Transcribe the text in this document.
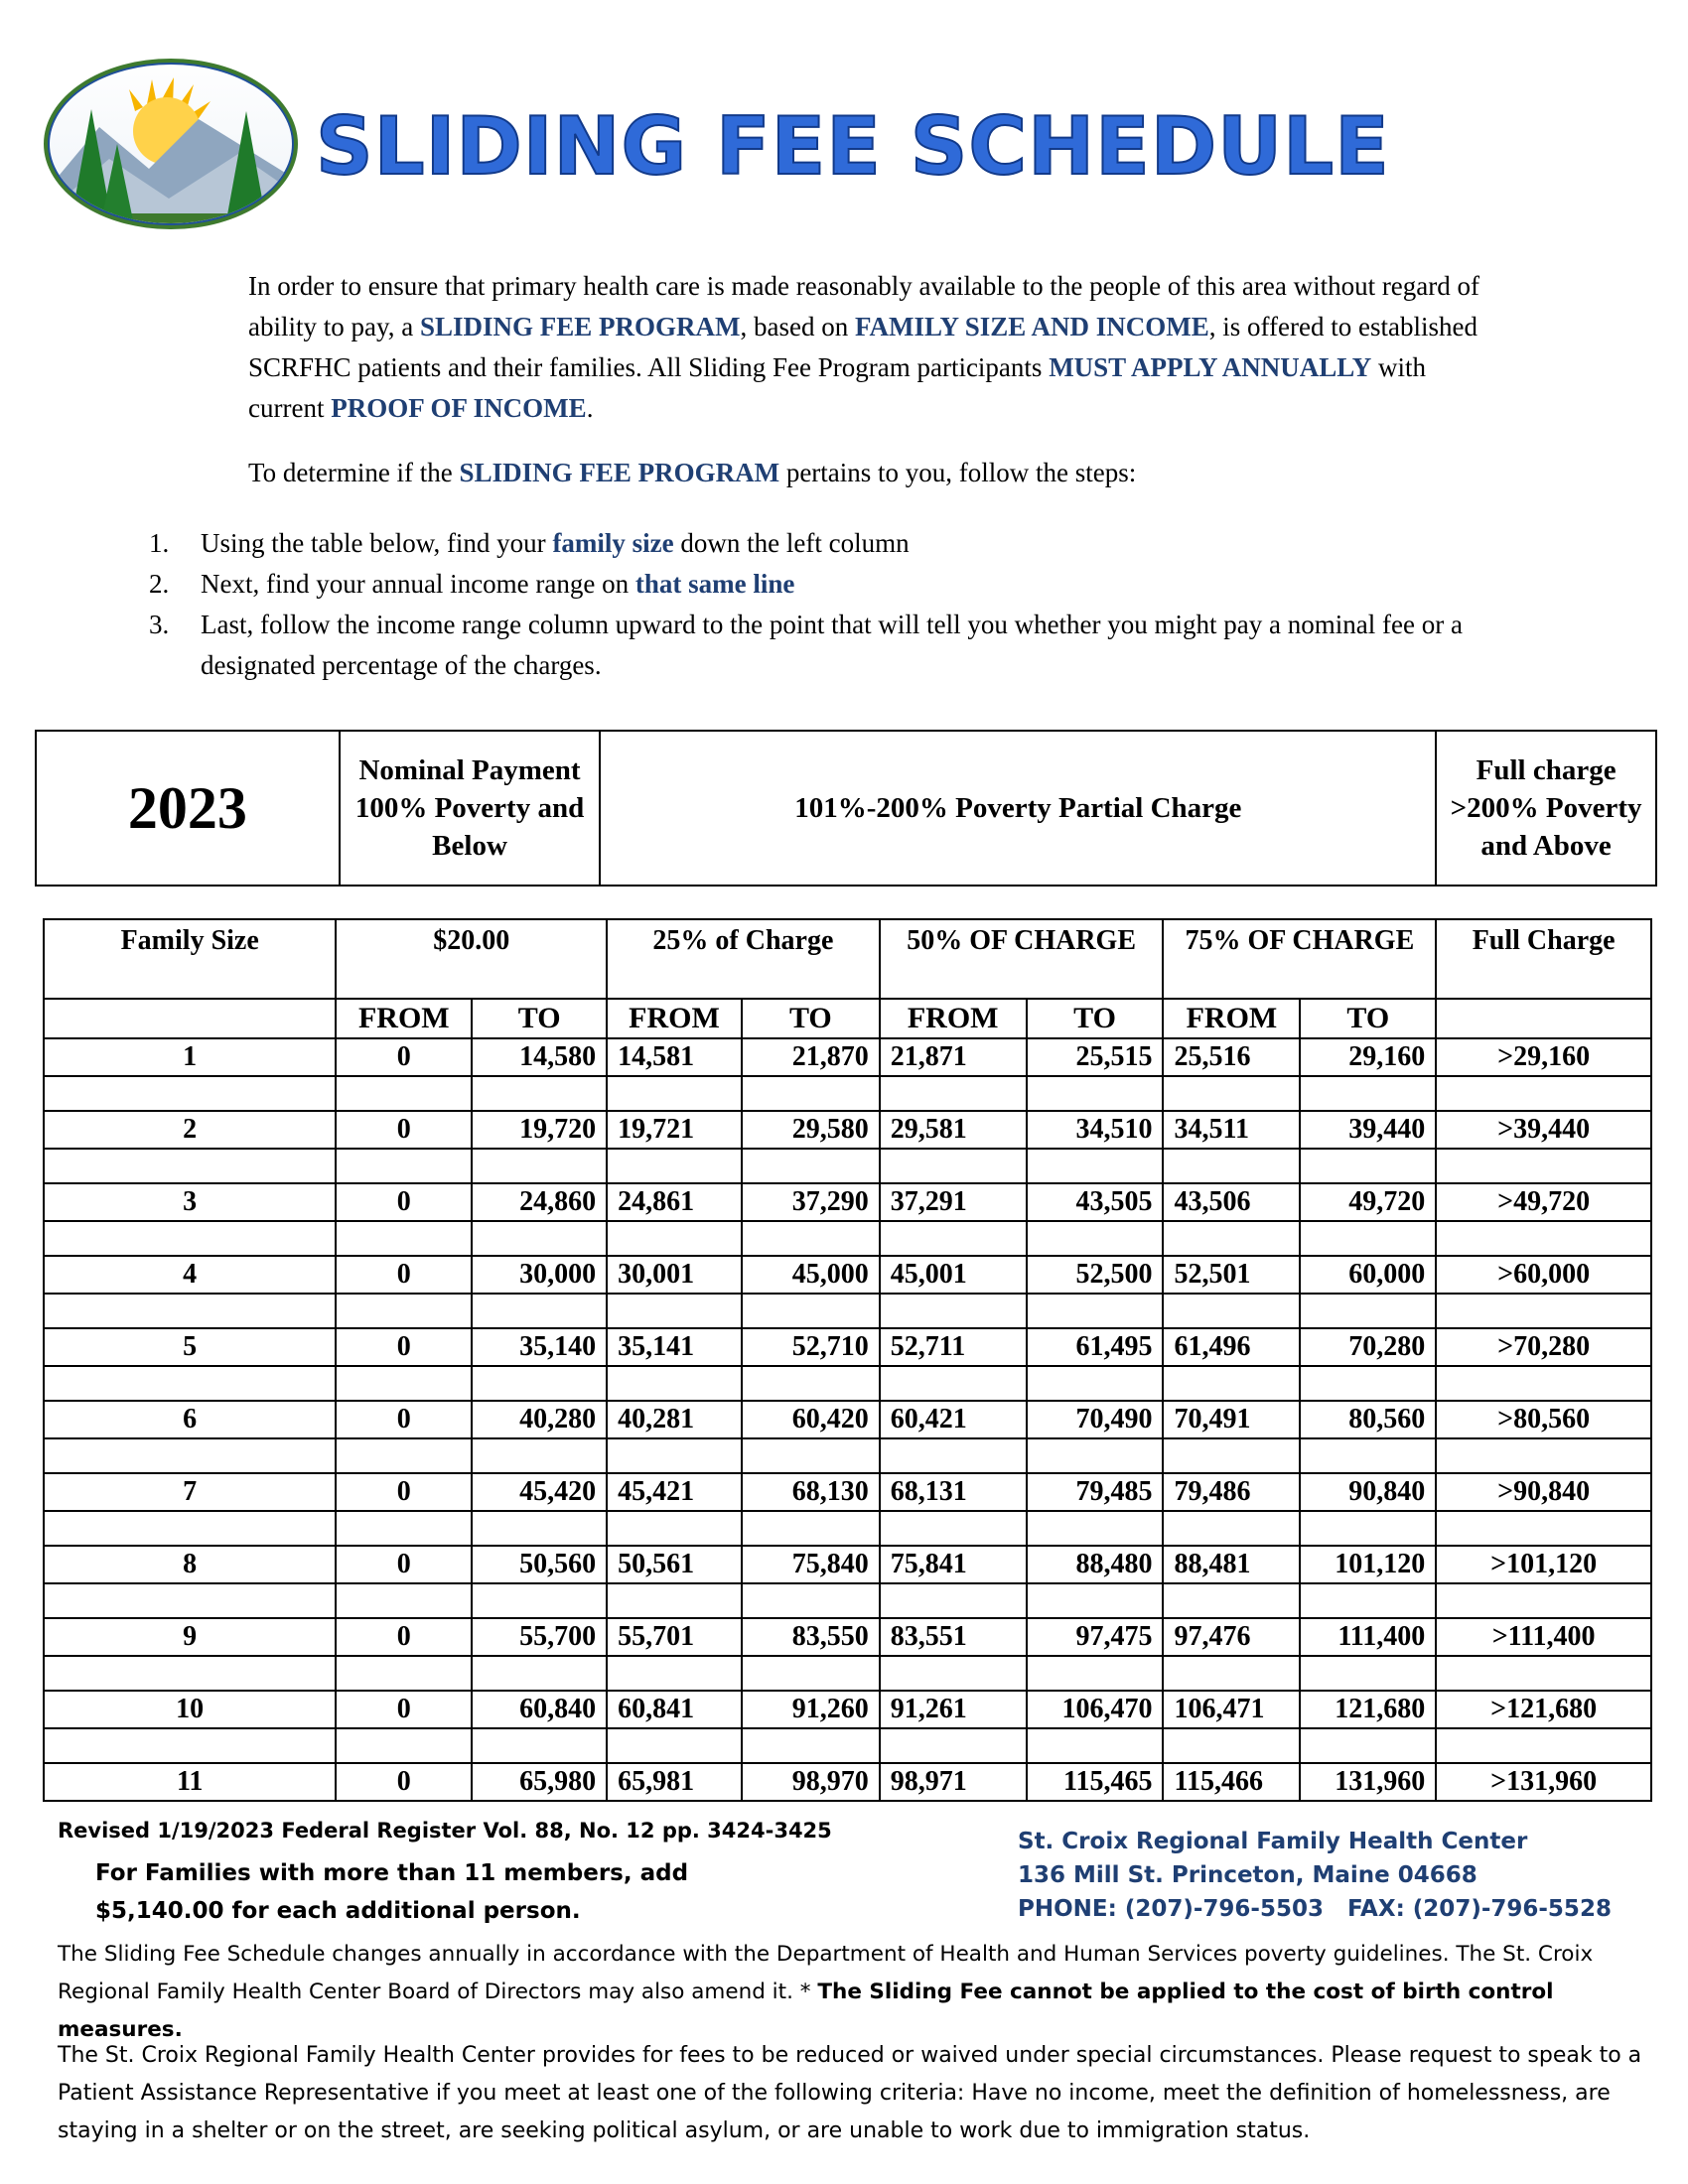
SLIDING FEE SCHEDULE

In order to ensure that primary health care is made reasonably available to the people of this area without regard of ability to pay, a SLIDING FEE PROGRAM, based on FAMILY SIZE AND INCOME, is offered to established SCRFHC patients and their families. All Sliding Fee Program participants MUST APPLY ANNUALLY with current PROOF OF INCOME.

To determine if the SLIDING FEE PROGRAM pertains to you, follow the steps:

1. Using the table below, find your family size down the left column
2. Next, find your annual income range on that same line
3. Last, follow the income range column upward to the point that will tell you whether you might pay a nominal fee or a designated percentage of the charges.
2023	Nominal Payment 100% Poverty and Below	101%-200% Poverty Partial Charge	Full charge >200% Poverty and Above
Family Size	$20.00		25% of Charge		50% OF CHARGE		75% OF CHARGE		Full Charge
	FROM	TO	FROM	TO	FROM	TO	FROM	TO	
1	0	14,580	14,581	21,870	21,871	25,515	25,516	29,160	>29,160

2	0	19,720	19,721	29,580	29,581	34,510	34,511	39,440	>39,440

3	0	24,860	24,861	37,290	37,291	43,505	43,506	49,720	>49,720

4	0	30,000	30,001	45,000	45,001	52,500	52,501	60,000	>60,000

5	0	35,140	35,141	52,710	52,711	61,495	61,496	70,280	>70,280

6	0	40,280	40,281	60,420	60,421	70,490	70,491	80,560	>80,560

7	0	45,420	45,421	68,130	68,131	79,485	79,486	90,840	>90,840

8	0	50,560	50,561	75,840	75,841	88,480	88,481	101,120	>101,120

9	0	55,700	55,701	83,550	83,551	97,475	97,476	111,400	>111,400

10	0	60,840	60,841	91,260	91,261	106,470	106,471	121,680	>121,680

11	0	65,980	65,981	98,970	98,971	115,465	115,466	131,960	>131,960
Revised 1/19/2023 Federal Register Vol. 88, No. 12 pp. 3424-3425
For Families with more than 11 members, add
$5,140.00 for each additional person.
St. Croix Regional Family Health Center
136 Mill St. Princeton, Maine 04668
PHONE: (207)-796-5503 FAX: (207)-796-5528
The Sliding Fee Schedule changes annually in accordance with the Department of Health and Human Services poverty guidelines. The St. Croix Regional Family Health Center Board of Directors may also amend it. * The Sliding Fee cannot be applied to the cost of birth control measures.
The St. Croix Regional Family Health Center provides for fees to be reduced or waived under special circumstances. Please request to speak to a Patient Assistance Representative if you meet at least one of the following criteria: Have no income, meet the definition of homelessness, are staying in a shelter or on the street, are seeking political asylum, or are unable to work due to immigration status.
